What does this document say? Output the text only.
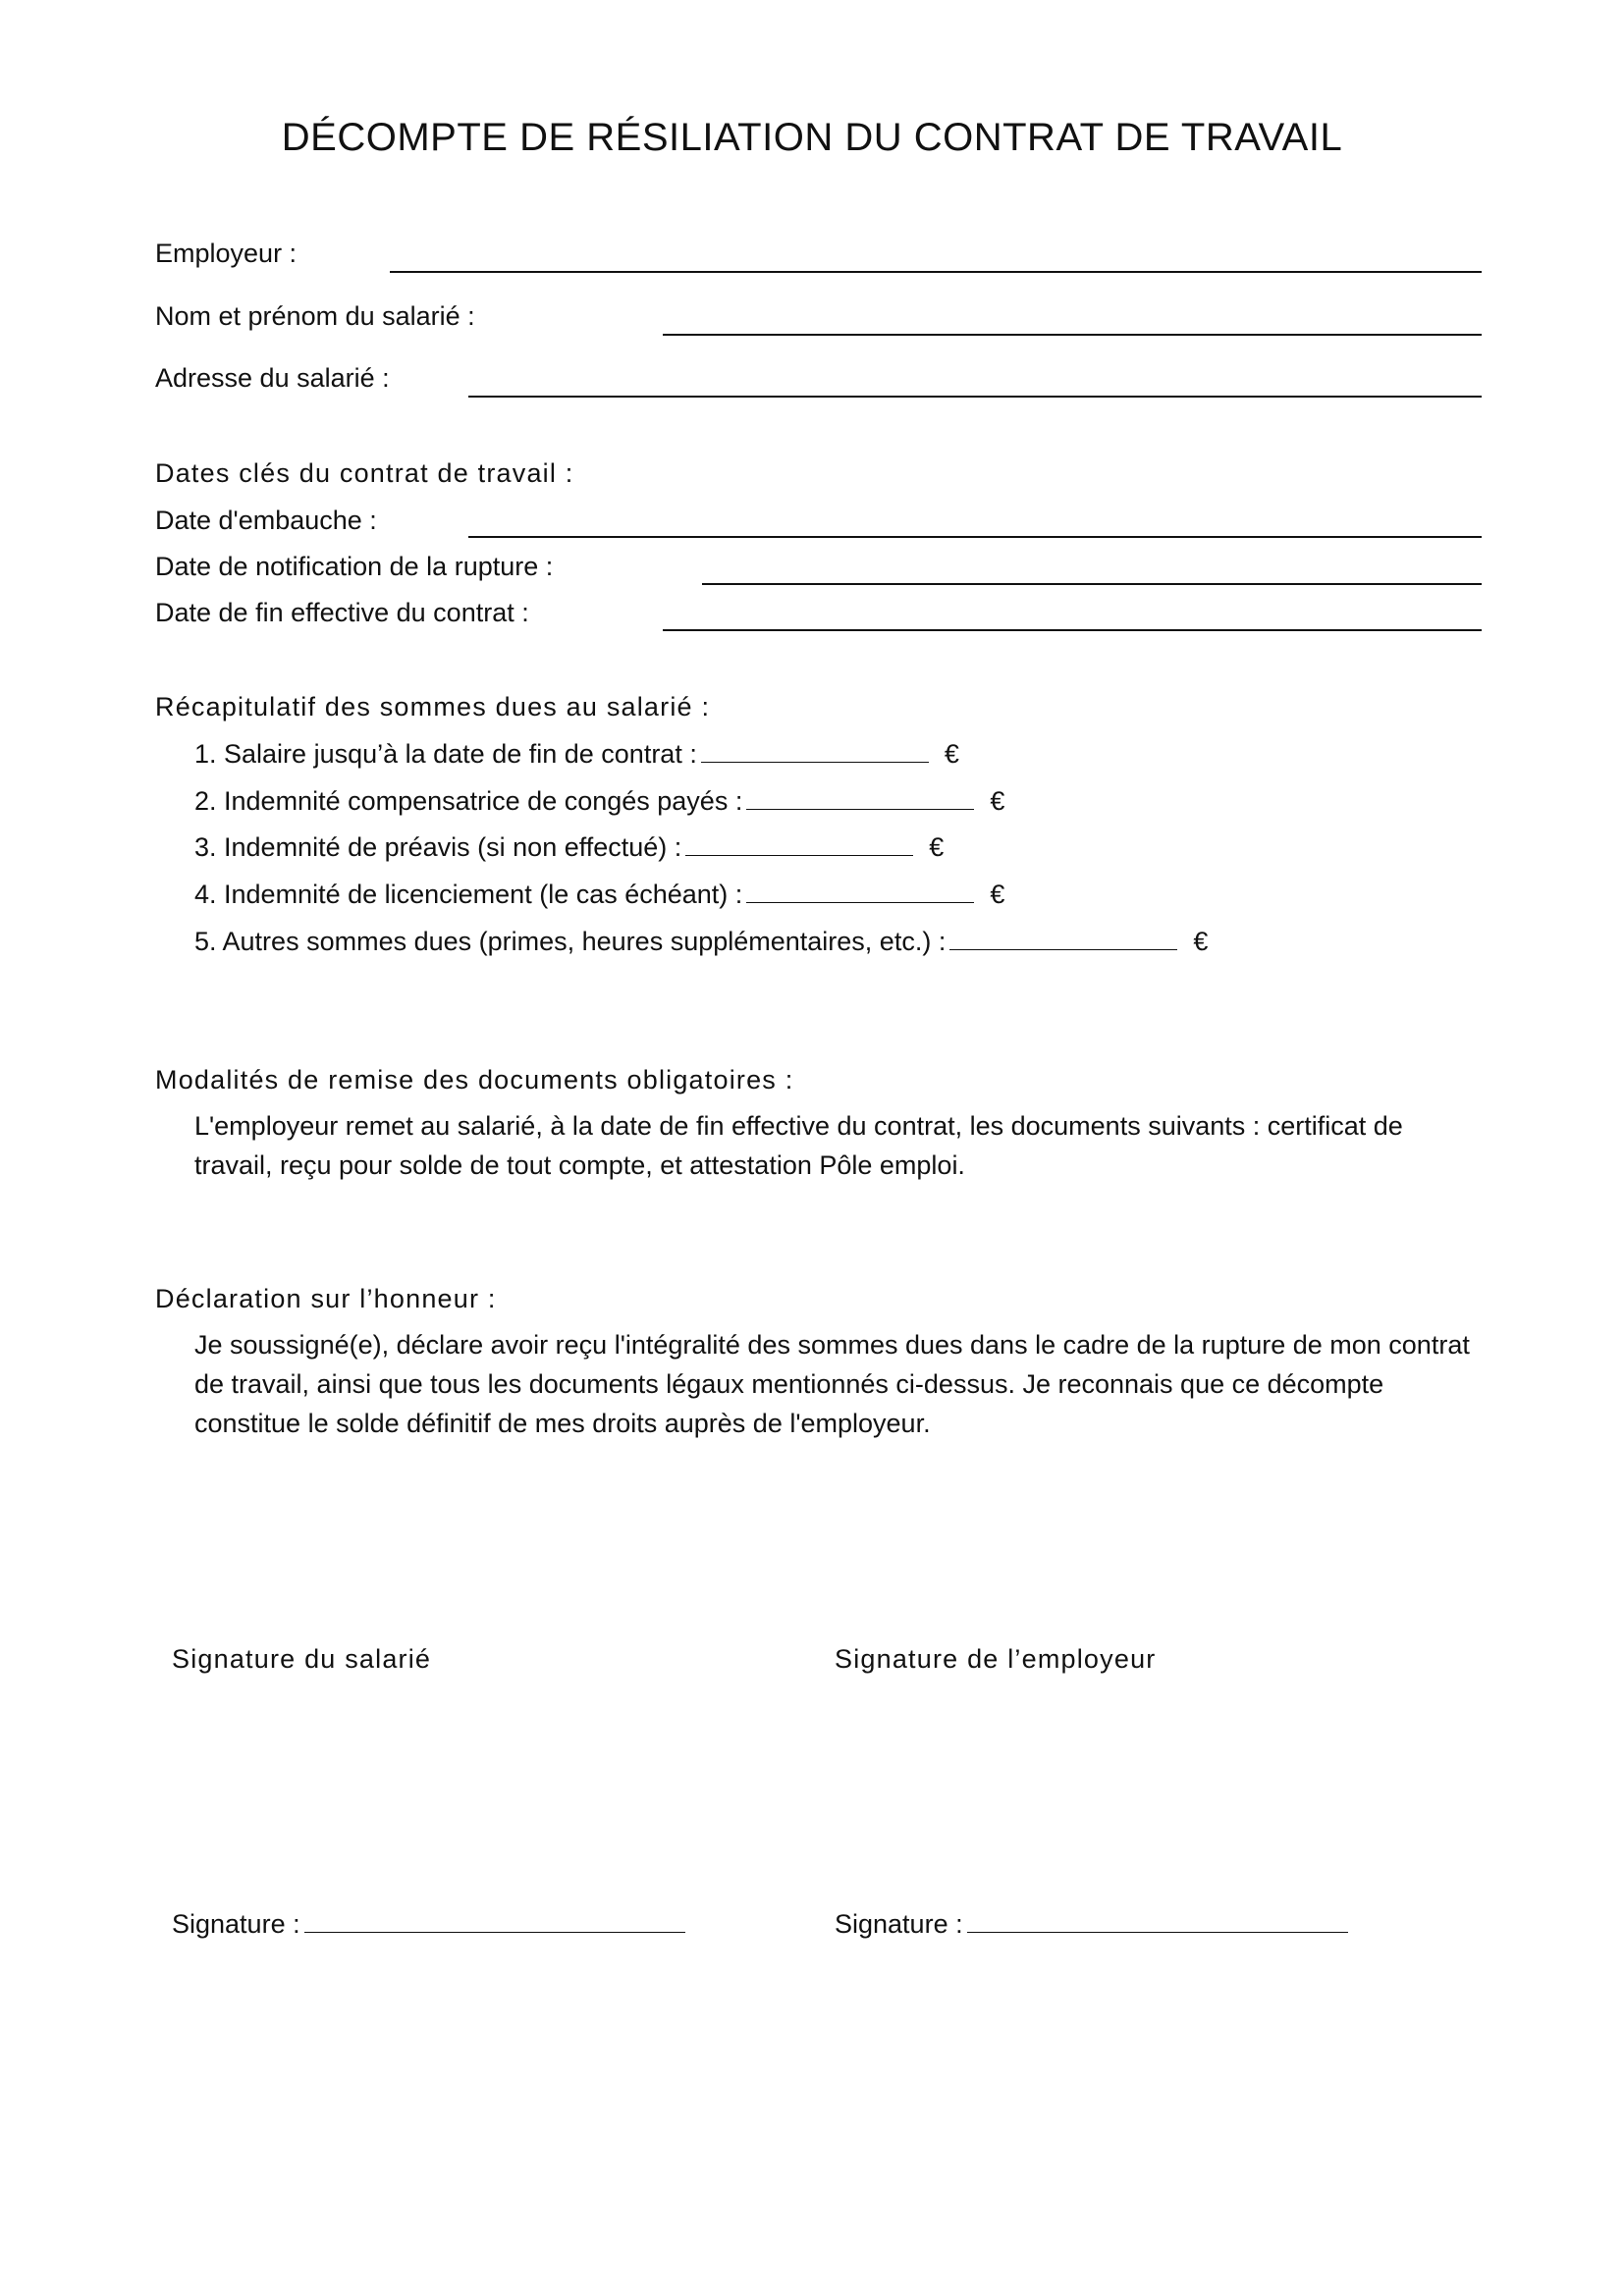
DÉCOMPTE DE RÉSILIATION DU CONTRAT DE TRAVAIL
Employeur :
Nom et prénom du salarié :
Adresse du salarié :
Dates clés du contrat de travail :
Date d'embauche :
Date de notification de la rupture :
Date de fin effective du contrat :
Récapitulatif des sommes dues au salarié :
1. Salaire jusqu’à la date de fin de contrat :	€
2. Indemnité compensatrice de congés payés :	€
3. Indemnité de préavis (si non effectué) :	€
4. Indemnité de licenciement (le cas échéant) :	€
5. Autres sommes dues (primes, heures supplémentaires, etc.) :	€
Modalités de remise des documents obligatoires :
L'employeur remet au salarié, à la date de fin effective du contrat, les documents suivants : certificat de travail, reçu pour solde de tout compte, et attestation Pôle emploi.
Déclaration sur l’honneur :
Je soussigné(e), déclare avoir reçu l'intégralité des sommes dues dans le cadre de la rupture de mon contrat de travail, ainsi que tous les documents légaux mentionnés ci-dessus. Je reconnais que ce décompte constitue le solde définitif de mes droits auprès de l'employeur.
Signature du salarié	Signature de l’employeur
Signature :	Signature :
